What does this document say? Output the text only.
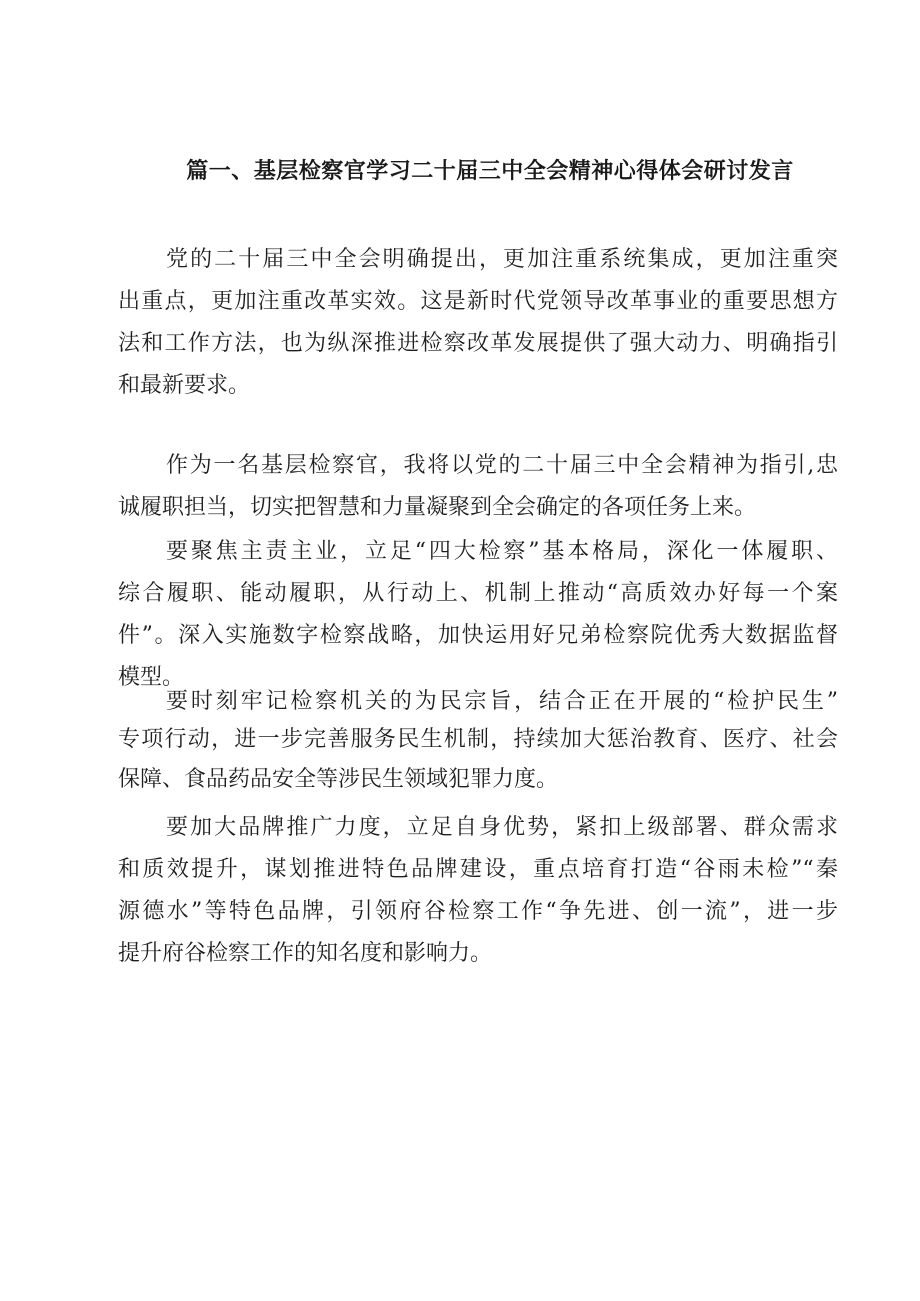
篇一、基层检察官学习二十届三中全会精神心得体会研讨发言
党的二十届三中全会明确提出，更加注重系统集成，更加注重突
出重点，更加注重改革实效。这是新时代党领导改革事业的重要思想方
法和工作方法，也为纵深推进检察改革发展提供了强大动力、明确指引
和最新要求。
作为一名基层检察官，我将以党的二十届三中全会精神为指引,忠
诚履职担当，切实把智慧和力量凝聚到全会确定的各项任务上来。
要聚焦主责主业，立足“四大检察”基本格局，深化一体履职、
综合履职、能动履职，从行动上、机制上推动“高质效办好每一个案
件”。深入实施数字检察战略，加快运用好兄弟检察院优秀大数据监督
模型。
要时刻牢记检察机关的为民宗旨，结合正在开展的“检护民生”
专项行动，进一步完善服务民生机制，持续加大惩治教育、医疗、社会
保障、食品药品安全等涉民生领域犯罪力度。
要加大品牌推广力度，立足自身优势，紧扣上级部署、群众需求
和质效提升，谋划推进特色品牌建设，重点培育打造“谷雨未检”“秦
源德水”等特色品牌，引领府谷检察工作“争先进、创一流”，进一步
提升府谷检察工作的知名度和影响力。
